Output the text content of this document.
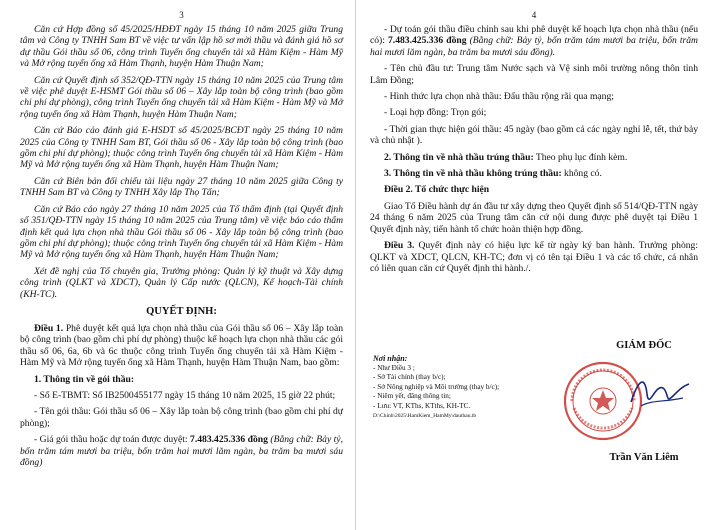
3

Căn cứ Hợp đồng số 45/2025/HĐĐT ngày 15 tháng 10 năm 2025 giữa Trung tâm và Công ty TNHH Sam BT về việc tư vấn lập hồ sơ mời thầu và đánh giá hồ sơ dự thầu Gói thầu số 06, công trình Tuyến ống chuyển tải xã Hàm Kiệm - Hàm Mỹ và Mở rộng tuyến ống xã Hàm Thạnh, huyện Hàm Thuận Nam;

Căn cứ Quyết định số 352/QĐ-TTN ngày 15 tháng 10 năm 2025 của Trung tâm về việc phê duyệt E-HSMT Gói thầu số 06 – Xây lắp toàn bộ công trình (bao gồm chi phí dự phòng), công trình Tuyến ống chuyển tải xã Hàm Kiệm - Hàm Mỹ và Mở rộng tuyến ống xã Hàm Thạnh, huyện Hàm Thuận Nam;

Căn cứ Báo cáo đánh giá E-HSDT số 45/2025/BCĐT ngày 25 tháng 10 năm 2025 của Công ty TNHH Sam BT, Gói thầu số 06 - Xây lắp toàn bộ công trình (bao gồm chi phí dự phòng); thuộc công trình Tuyến ống chuyển tải xã Hàm Kiệm - Hàm Mỹ và Mở rộng tuyến ống xã Hàm Thạnh, huyện Hàm Thuận Nam;

Căn cứ Biên bản đối chiếu tài liệu ngày 27 tháng 10 năm 2025 giữa Công ty TNHH Sam BT và Công ty TNHH Xây lắp Thọ Tấn;

Căn cứ Báo cáo ngày 27 tháng 10 năm 2025 của Tổ thẩm định (tại Quyết định số 351/QĐ-TTN ngày 15 tháng 10 năm 2025 của Trung tâm) về việc báo cáo thẩm định kết quả lựa chọn nhà thầu Gói thầu số 06 - Xây lắp toàn bộ công trình (bao gồm chi phí dự phòng); thuộc công trình Tuyến ống chuyển tải xã Hàm Kiệm - Hàm Mỹ và Mở rộng tuyến ống xã Hàm Thạnh, huyện Hàm Thuận Nam;

Xét đề nghị của Tổ chuyên gia, Trưởng phòng: Quản lý kỹ thuật và Xây dựng công trình (QLKT và XDCT), Quản lý Cấp nước (QLCN), Kế hoạch-Tài chính (KH-TC).

QUYẾT ĐỊNH:

Điều 1. Phê duyệt kết quả lựa chọn nhà thầu của Gói thầu số 06 – Xây lắp toàn bộ công trình (bao gồm chi phí dự phòng) thuộc kế hoạch lựa chọn nhà thầu các gói thầu số 06, 6a, 6b và 6c thuộc công trình Tuyến ống chuyển tải xã Hàm Kiệm - Hàm Mỹ và Mở rộng tuyến ống xã Hàm Thạnh, huyện Hàm Thuận Nam, bao gồm:

1. Thông tin về gói thầu:

- Số E-TBMT: Số IB2500455177 ngày 15 tháng 10 năm 2025, 15 giờ 22 phút;

- Tên gói thầu: Gói thầu số 06 – Xây lắp toàn bộ công trình (bao gồm chi phí dự phòng);

- Giá gói thầu hoặc dự toán được duyệt: 7.483.425.336 đồng (Bằng chữ: Bảy tỷ, bốn trăm tám mươi ba triệu, bốn trăm hai mươi lăm ngàn, ba trăm ba mươi sáu đồng)

4

- Dự toán gói thầu điều chỉnh sau khi phê duyệt kế hoạch lựa chọn nhà thầu (nếu có): 7.483.425.336 đồng (Bằng chữ: Bảy tỷ, bốn trăm tám mươi ba triệu, bốn trăm hai mươi lăm ngàn, ba trăm ba mươi sáu đồng).

- Tên chủ đầu tư: Trung tâm Nước sạch và Vệ sinh môi trường nông thôn tỉnh Lâm Đồng;

- Hình thức lựa chọn nhà thầu: Đấu thầu rộng rãi qua mạng;

- Loại hợp đồng: Trọn gói;

- Thời gian thực hiện gói thầu: 45 ngày (bao gồm cả các ngày nghỉ lễ, tết, thứ bảy và chủ nhật ).

2. Thông tin về nhà thầu trúng thầu: Theo phụ lục đính kèm.

3. Thông tin về nhà thầu không trúng thầu: không có.

Điều 2. Tổ chức thực hiện

Giao Tổ Điều hành dự án đầu tư xây dựng theo Quyết định số 514/QĐ-TTN ngày 24 tháng 6 năm 2025 của Trung tâm căn cứ nội dung được phê duyệt tại Điều 1 Quyết định này, tiến hành tổ chức hoàn thiện hợp đồng.

Điều 3. Quyết định này có hiệu lực kể từ ngày ký ban hành. Trưởng phòng: QLKT và XDCT, QLCN, KH-TC; đơn vị có tên tại Điều 1 và các tổ chức, cá nhân có liên quan căn cứ Quyết định thi hành./.

Nơi nhận:
- Như Điều 3 ;
- Sở Tài chính (thay b/c);
- Sở Nông nghiệp và Môi trường (thay b/c);
- Niêm yết, đăng thông tin;
- Lưu: VT, KThs, KTths, KH-TC.
D:\Chinh\2025\HamKiem_HamMy\dauthau.tb
GIÁM ĐỐC
Trần Văn Liêm
